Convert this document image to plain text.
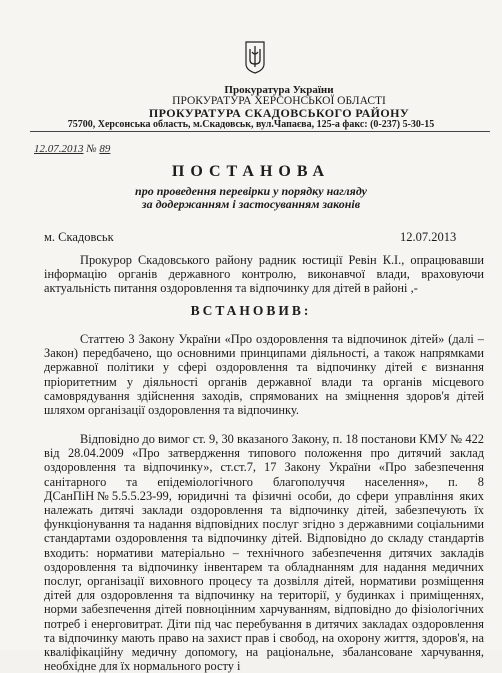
Прокуратура України
ПРОКУРАТУРА ХЕРСОНСЬКОЇ ОБЛАСТІ
ПРОКУРАТУРА СКАДОВСЬКОГО РАЙОНУ
75700, Херсонська область, м.Скадовськ, вул.Чапаєва, 125-а факс: (0-237) 5-30-15
12.07.2013 № 89
ПОСТАНОВА
про проведення перевірки у порядку нагляду
за додержанням і застосуванням законів
м. Скадовськ	12.07.2013
Прокурор Скадовського району радник юстиції Ревін К.І., опрацювавши інформацію органів державного контролю, виконавчої влади, враховуючи актуальність питання оздоровлення та відпочинку для дітей в районі ,-
ВСТАНОВИВ:
Статтею 3 Закону України «Про оздоровлення та відпочинок дітей» (далі – Закон) передбачено, що основними принципами діяльності, а також напрямками державної політики у сфері оздоровлення та відпочинку дітей є визнання пріоритетним у діяльності органів державної влади та органів місцевого самоврядування здійснення заходів, спрямованих на зміцнення здоров'я дітей шляхом організації оздоровлення та відпочинку.
Відповідно до вимог ст. 9, 30 вказаного Закону, п. 18 постанови КМУ № 422 від 28.04.2009 «Про затвердження типового положення про дитячий заклад оздоровлення та відпочинку», ст.ст.7, 17 Закону України «Про забезпечення санітарного та епідеміологічного благополуччя населення», п. 8 ДСанПіН№5.5.5.23-99, юридичні та фізичні особи, до сфери управління яких належать дитячі заклади оздоровлення та відпочинку дітей, забезпечують їх функціонування та надання відповідних послуг згідно з державними соціальними стандартами оздоровлення та відпочинку дітей. Відповідно до складу стандартів входить: нормативи матеріально – технічного забезпечення дитячих закладів оздоровлення та відпочинку інвентарем та обладнанням для надання медичних послуг, організації виховного процесу та дозвілля дітей, нормативи розміщення дітей для оздоровлення та відпочинку на території, у будинках і приміщеннях, норми забезпечення дітей повноцінним харчуванням, відповідно до фізіологічних потреб і енерговитрат. Діти під час перебування в дитячих закладах оздоровлення та відпочинку мають право на захист прав і свобод, на охорону життя, здоров'я, на кваліфікаційну медичну допомогу, на раціональне, збалансоване харчування, необхідне для їх нормального росту і
